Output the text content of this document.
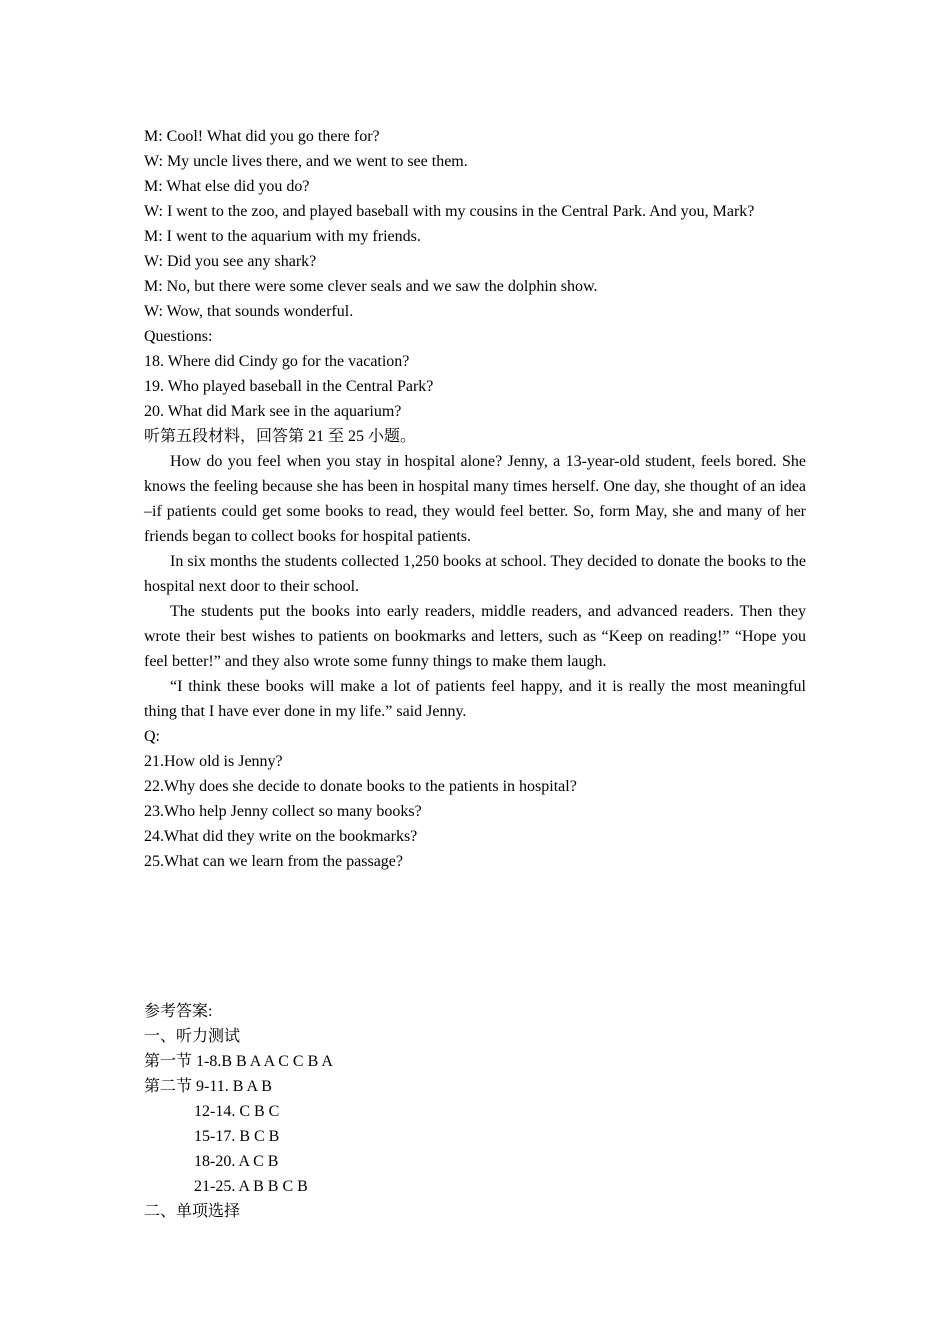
M: Cool! What did you go there for?
W: My uncle lives there, and we went to see them.
M: What else did you do?
W: I went to the zoo, and played baseball with my cousins in the Central Park. And you, Mark?
M: I went to the aquarium with my friends.
W: Did you see any shark?
M: No, but there were some clever seals and we saw the dolphin show.
W: Wow, that sounds wonderful.
Questions:
18. Where did Cindy go for the vacation?
19. Who played baseball in the Central Park?
20. What did Mark see in the aquarium?
听第五段材料，回答第 21 至 25 小题。

How do you feel when you stay in hospital alone? Jenny, a 13-year-old student, feels bored. She knows the feeling because she has been in hospital many times herself. One day, she thought of an idea –if patients could get some books to read, they would feel better. So, form May, she and many of her friends began to collect books for hospital patients.

In six months the students collected 1,250 books at school. They decided to donate the books to the hospital next door to their school.

The students put the books into early readers, middle readers, and advanced readers. Then they wrote their best wishes to patients on bookmarks and letters, such as “Keep on reading!” “Hope you feel better!” and they also wrote some funny things to make them laugh.

“I think these books will make a lot of patients feel happy, and it is really the most meaningful thing that I have ever done in my life.” said Jenny.

Q:
21.How old is Jenny?
22.Why does she decide to donate books to the patients in hospital?
23.Who help Jenny collect so many books?
24.What did they write on the bookmarks?
25.What can we learn from the passage?
参考答案:
一、听力测试
第一节 1-8.B B A A C C B A
第二节 9-11. B A B
12-14. C B C
15-17. B C B
18-20. A C B
21-25. A B B C B
二、单项选择
